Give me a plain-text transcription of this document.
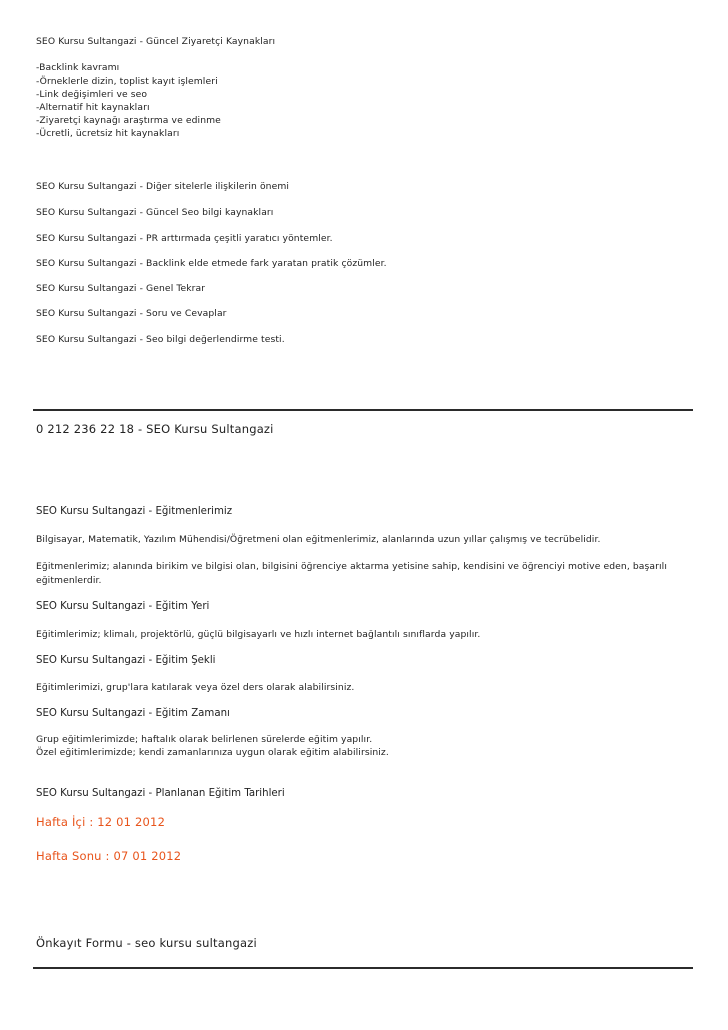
SEO Kursu Sultangazi - Güncel Ziyaretçi Kaynakları

-Backlink kavramı

-Örneklerle dizin, toplist kayıt işlemleri

-Link değişimleri ve seo

-Alternatif hit kaynakları

-Ziyaretçi kaynağı araştırma ve edinme

-Ücretli, ücretsiz hit kaynakları

SEO Kursu Sultangazi - Diğer sitelerle ilişkilerin önemi

SEO Kursu Sultangazi - Güncel Seo bilgi kaynakları

SEO Kursu Sultangazi - PR arttırmada çeşitli yaratıcı yöntemler.

SEO Kursu Sultangazi - Backlink elde etmede fark yaratan pratik çözümler.

SEO Kursu Sultangazi - Genel Tekrar

SEO Kursu Sultangazi - Soru ve Cevaplar

SEO Kursu Sultangazi - Seo bilgi değerlendirme testi.

0 212 236 22 18 - SEO Kursu Sultangazi

SEO Kursu Sultangazi - Eğitmenlerimiz

Bilgisayar, Matematik, Yazılım Mühendisi/Öğretmeni olan eğitmenlerimiz, alanlarında uzun yıllar çalışmış ve tecrübelidir.

Eğitmenlerimiz; alanında birikim ve bilgisi olan, bilgisini öğrenciye aktarma yetisine sahip, kendisini ve öğrenciyi motive eden, başarılı

eğitmenlerdir.

SEO Kursu Sultangazi - Eğitim Yeri

Eğitimlerimiz; klimalı, projektörlü, güçlü bilgisayarlı ve hızlı internet bağlantılı sınıflarda yapılır.

SEO Kursu Sultangazi - Eğitim Şekli

Eğitimlerimizi, grup'lara katılarak veya özel ders olarak alabilirsiniz.

SEO Kursu Sultangazi - Eğitim Zamanı

Grup eğitimlerimizde; haftalık olarak belirlenen sürelerde eğitim yapılır.

Özel eğitimlerimizde; kendi zamanlarınıza uygun olarak eğitim alabilirsiniz.

SEO Kursu Sultangazi - Planlanan Eğitim Tarihleri

Hafta İçi : 12 01 2012

Hafta Sonu : 07 01 2012

Önkayıt Formu - seo kursu sultangazi
